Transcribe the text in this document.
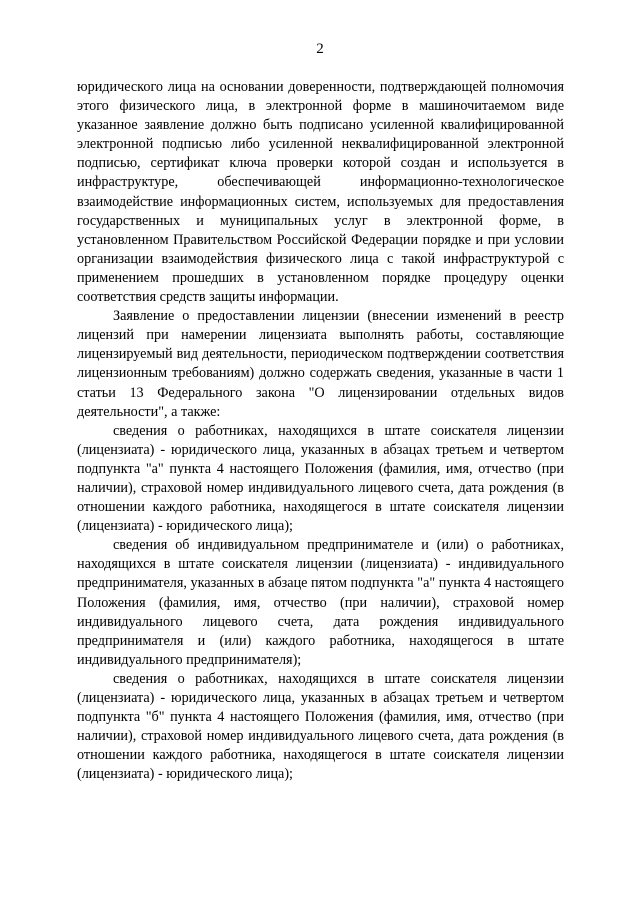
2

юридического лица на основании доверенности, подтверждающей полномочия этого физического лица, в электронной форме в машиночитаемом виде указанное заявление должно быть подписано усиленной квалифицированной электронной подписью либо усиленной неквалифицированной электронной подписью, сертификат ключа проверки которой создан и используется в инфраструктуре, обеспечивающей информационно-технологическое взаимодействие информационных систем, используемых для предоставления государственных и муниципальных услуг в электронной форме, в установленном Правительством Российской Федерации порядке и при условии организации взаимодействия физического лица с такой инфраструктурой с применением прошедших в установленном порядке процедуру оценки соответствия средств защиты информации.

Заявление о предоставлении лицензии (внесении изменений в реестр лицензий при намерении лицензиата выполнять работы, составляющие лицензируемый вид деятельности, периодическом подтверждении соответствия лицензионным требованиям) должно содержать сведения, указанные в части 1 статьи 13 Федерального закона "О лицензировании отдельных видов деятельности", а также:

сведения о работниках, находящихся в штате соискателя лицензии (лицензиата) - юридического лица, указанных в абзацах третьем и четвертом подпункта "а" пункта 4 настоящего Положения (фамилия, имя, отчество (при наличии), страховой номер индивидуального лицевого счета, дата рождения (в отношении каждого работника, находящегося в штате соискателя лицензии (лицензиата) - юридического лица);

сведения об индивидуальном предпринимателе и (или) о работниках, находящихся в штате соискателя лицензии (лицензиата) - индивидуального предпринимателя, указанных в абзаце пятом подпункта "а" пункта 4 настоящего Положения (фамилия, имя, отчество (при наличии), страховой номер индивидуального лицевого счета, дата рождения индивидуального предпринимателя и (или) каждого работника, находящегося в штате индивидуального предпринимателя);

сведения о работниках, находящихся в штате соискателя лицензии (лицензиата) - юридического лица, указанных в абзацах третьем и четвертом подпункта "б" пункта 4 настоящего Положения (фамилия, имя, отчество (при наличии), страховой номер индивидуального лицевого счета, дата рождения (в отношении каждого работника, находящегося в штате соискателя лицензии (лицензиата) - юридического лица);
